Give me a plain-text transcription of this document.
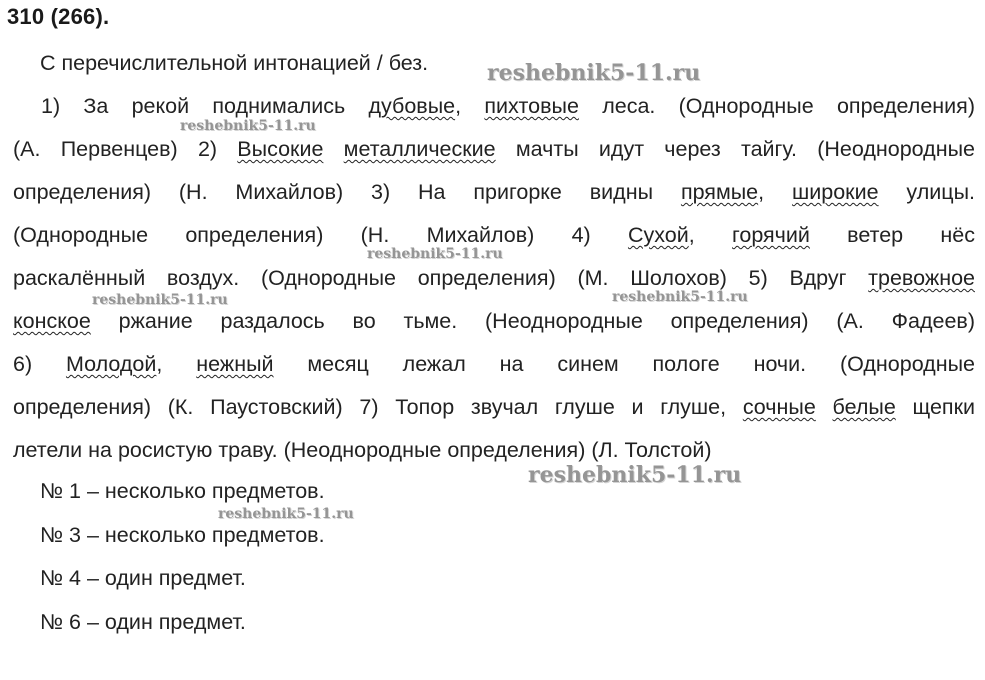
310 (266).
С перечислительной интонацией / без.
1) За рекой поднимались дубовые, пихтовые леса. (Однородные определения)
(А. Первенцев) 2) Высокие металлические мачты идут через тайгу. (Неоднородные
определения) (Н. Михайлов) 3) На пригорке видны прямые, широкие улицы.
(Однородные определения) (Н. Михайлов) 4) Сухой, горячий ветер нёс
раскалённый воздух. (Однородные определения) (М. Шолохов) 5) Вдруг тревожное
конское ржание раздалось во тьме. (Неоднородные определения) (А. Фадеев)
6) Молодой, нежный месяц лежал на синем пологе ночи. (Однородные
определения) (К. Паустовский) 7) Топор звучал глуше и глуше, сочные белые щепки
летели на росистую траву. (Неоднородные определения) (Л. Толстой)
№ 1 – несколько предметов.
№ 3 – несколько предметов.
№ 4 – один предмет.
№ 6 – один предмет.
reshebnik5-11.ru
reshebnik5-11.ru
reshebnik5-11.ru
reshebnik5-11.ru	reshebnik5-11.ru
reshebnik5-11.ru
reshebnik5-11.ru
